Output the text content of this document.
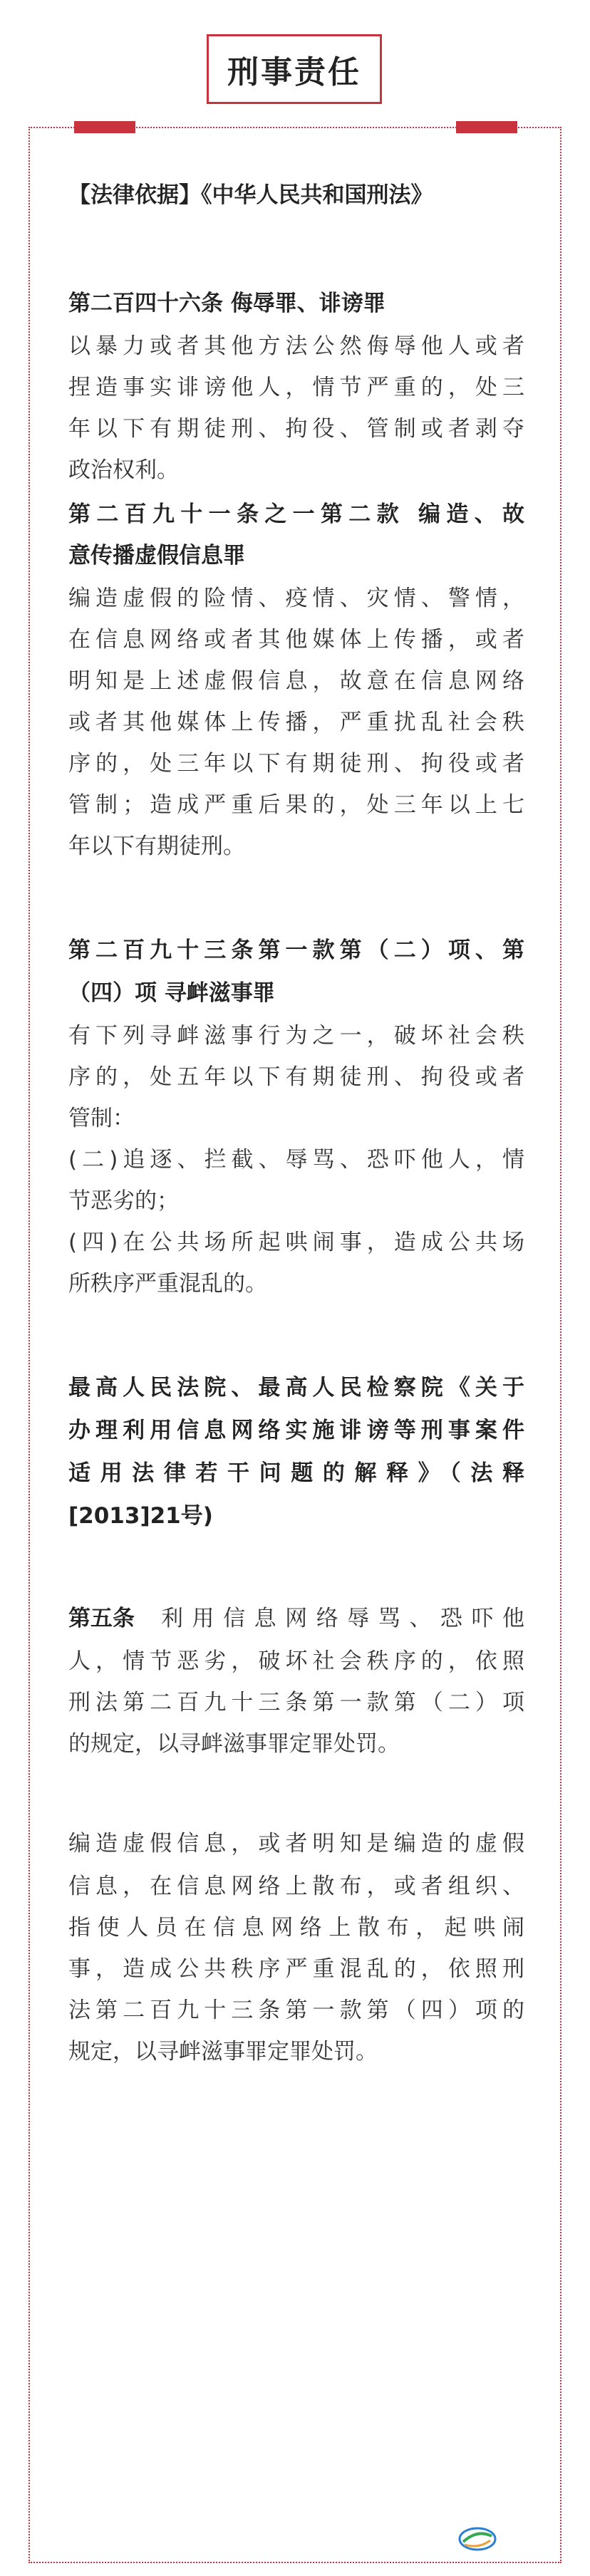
刑事责任
【法律依据】《中华人民共和国刑法》
第二百四十六条 侮辱罪、诽谤罪
以暴力或者其他方法公然侮辱他人或者
捏造事实诽谤他人，情节严重的，处三
年以下有期徒刑、拘役、管制或者剥夺
政治权利。
第二百九十一条之一第二款 编造、故
意传播虚假信息罪
编造虚假的险情、疫情、灾情、警情，
在信息网络或者其他媒体上传播，或者
明知是上述虚假信息，故意在信息网络
或者其他媒体上传播，严重扰乱社会秩
序的，处三年以下有期徒刑、拘役或者
管制；造成严重后果的，处三年以上七
年以下有期徒刑。
第二百九十三条第一款第（二）项、第
（四）项 寻衅滋事罪
有下列寻衅滋事行为之一，破坏社会秩
序的，处五年以下有期徒刑、拘役或者
管制：
(二)追逐、拦截、辱骂、恐吓他人，情
节恶劣的；
(四)在公共场所起哄闹事，造成公共场
所秩序严重混乱的。
最高人民法院、最高人民检察院《关于
办理利用信息网络实施诽谤等刑事案件
适用法律若干问题的解释》（法释
[2013]21号)
第五条	利用信息网络辱骂、恐吓他
人，情节恶劣，破坏社会秩序的，依照
刑法第二百九十三条第一款第（二）项
的规定，以寻衅滋事罪定罪处罚。
编造虚假信息，或者明知是编造的虚假
信息，在信息网络上散布，或者组织、
指使人员在信息网络上散布，起哄闹
事，造成公共秩序严重混乱的，依照刑
法第二百九十三条第一款第（四）项的
规定，以寻衅滋事罪定罪处罚。
